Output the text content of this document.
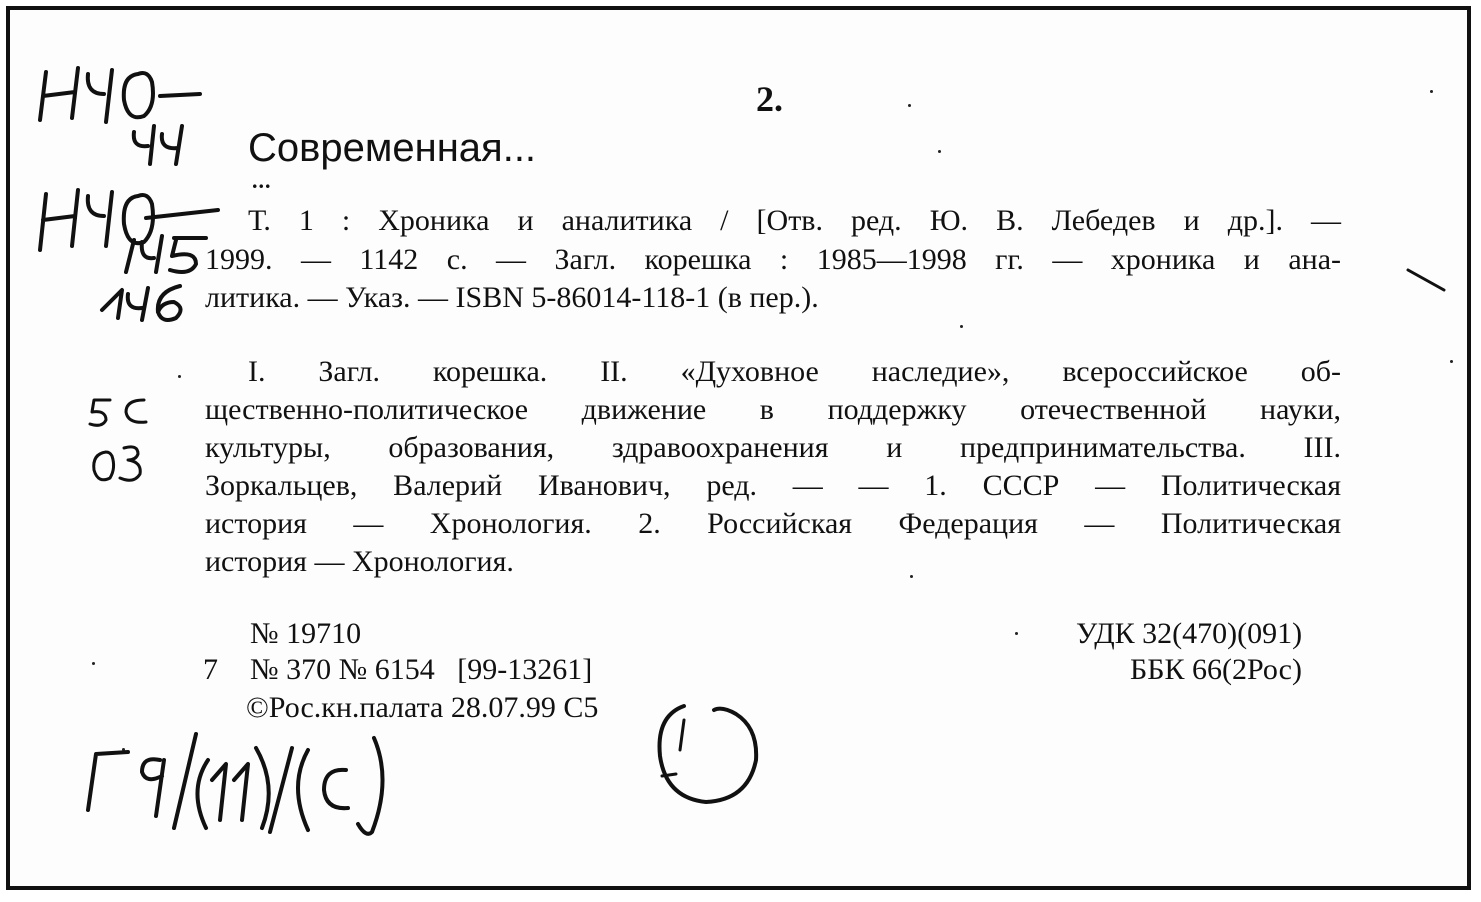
2.
Современная...
...
Т. 1 : Хроника и аналитика / [Отв. ред. Ю. В. Лебедев и др.]. —
1999. — 1142 с. — Загл. корешка : 1985—1998 гг. — хроника и ана-
литика. — Указ. — ISBN 5-86014-118-1 (в пер.).
I. Загл. корешка. II. «Духовное наследие», всероссийское об-
щественно-политическое движение в поддержку отечественной науки,
культуры, образования, здравоохранения и предпринимательства. III.
Зоркальцев, Валерий Иванович, ред. — — 1. СССР — Политическая
история — Хронология. 2. Российская Федерация — Политическая
история — Хронология.
№ 19710
7 № 370 № 6154   [99-13261]
©Рос.кн.палата 28.07.99 С5
УДК 32(470)(091)
ББК 66(2Рос)
